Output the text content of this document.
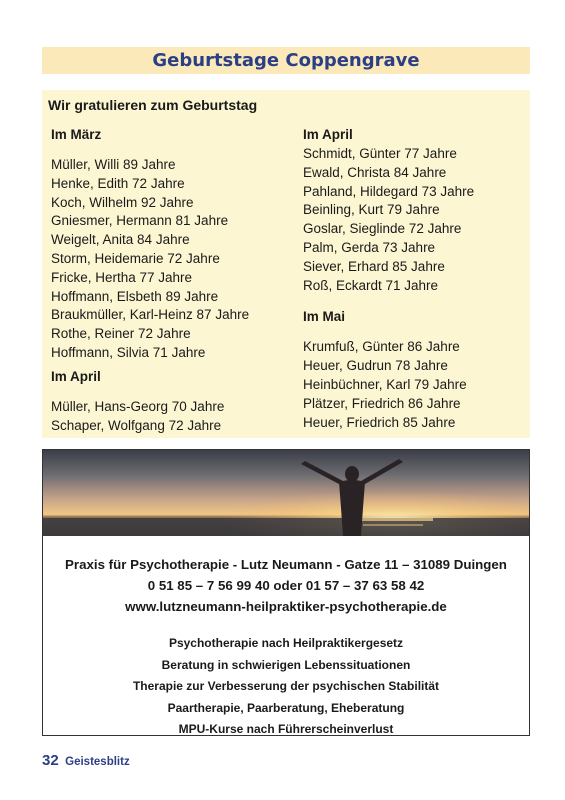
Geburtstage Coppengrave
Wir gratulieren zum Geburtstag
Im März
Müller, Willi 89 Jahre
Henke, Edith 72 Jahre
Koch, Wilhelm 92 Jahre
Gniesmer, Hermann 81 Jahre
Weigelt, Anita 84 Jahre
Storm, Heidemarie 72 Jahre
Fricke, Hertha 77 Jahre
Hoffmann, Elsbeth 89 Jahre
Braukmüller, Karl-Heinz 87 Jahre
Rothe, Reiner 72 Jahre
Hoffmann, Silvia 71 Jahre
Im April
Müller, Hans-Georg 70 Jahre
Schaper, Wolfgang 72 Jahre
Im April
Schmidt, Günter 77 Jahre
Ewald, Christa 84 Jahre
Pahland, Hildegard 73 Jahre
Beinling, Kurt 79 Jahre
Goslar, Sieglinde 72 Jahre
Palm, Gerda 73 Jahre
Siever, Erhard 85 Jahre
Roß, Eckardt 71 Jahre
Im Mai
Krumfuß, Günter 86 Jahre
Heuer, Gudrun 78 Jahre
Heinbüchner, Karl 79 Jahre
Plätzer, Friedrich 86 Jahre
Heuer, Friedrich 85 Jahre
Praxis für Psychotherapie - Lutz Neumann - Gatze 11 – 31089 Duingen
0 51 85 – 7 56 99 40 oder 01 57 – 37 63 58 42
www.lutzneumann-heilpraktiker-psychotherapie.de
Psychotherapie nach Heilpraktikergesetz
Beratung in schwierigen Lebenssituationen
Therapie zur Verbesserung der psychischen Stabilität
Paartherapie, Paarberatung, Eheberatung
MPU-Kurse nach Führerscheinverlust
32 Geistesblitz
